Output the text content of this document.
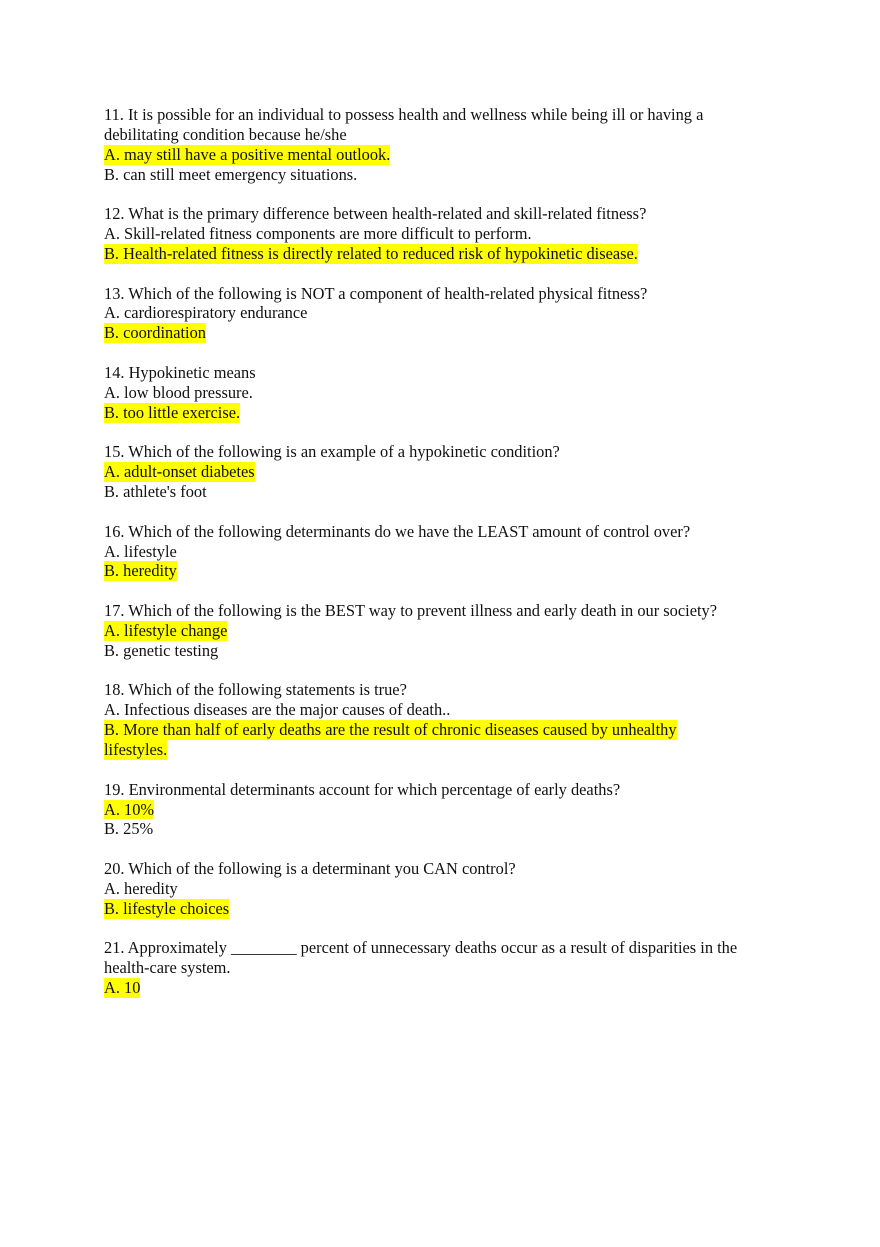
11. It is possible for an individual to possess health and wellness while being ill or having a
debilitating condition because he/she
A. may still have a positive mental outlook.
B. can still meet emergency situations.
12. What is the primary difference between health-related and skill-related fitness?
A. Skill-related fitness components are more difficult to perform.
B. Health-related fitness is directly related to reduced risk of hypokinetic disease.
13. Which of the following is NOT a component of health-related physical fitness?
A. cardiorespiratory endurance
B. coordination
14. Hypokinetic means
A. low blood pressure.
B. too little exercise.
15. Which of the following is an example of a hypokinetic condition?
A. adult-onset diabetes
B. athlete's foot
16. Which of the following determinants do we have the LEAST amount of control over?
A. lifestyle
B. heredity
17. Which of the following is the BEST way to prevent illness and early death in our society?
A. lifestyle change
B. genetic testing
18. Which of the following statements is true?
A. Infectious diseases are the major causes of death..
B. More than half of early deaths are the result of chronic diseases caused by unhealthy
lifestyles.
19. Environmental determinants account for which percentage of early deaths?
A. 10%
B. 25%
20. Which of the following is a determinant you CAN control?
A. heredity
B. lifestyle choices
21. Approximately ________ percent of unnecessary deaths occur as a result of disparities in the
health-care system.
A. 10
